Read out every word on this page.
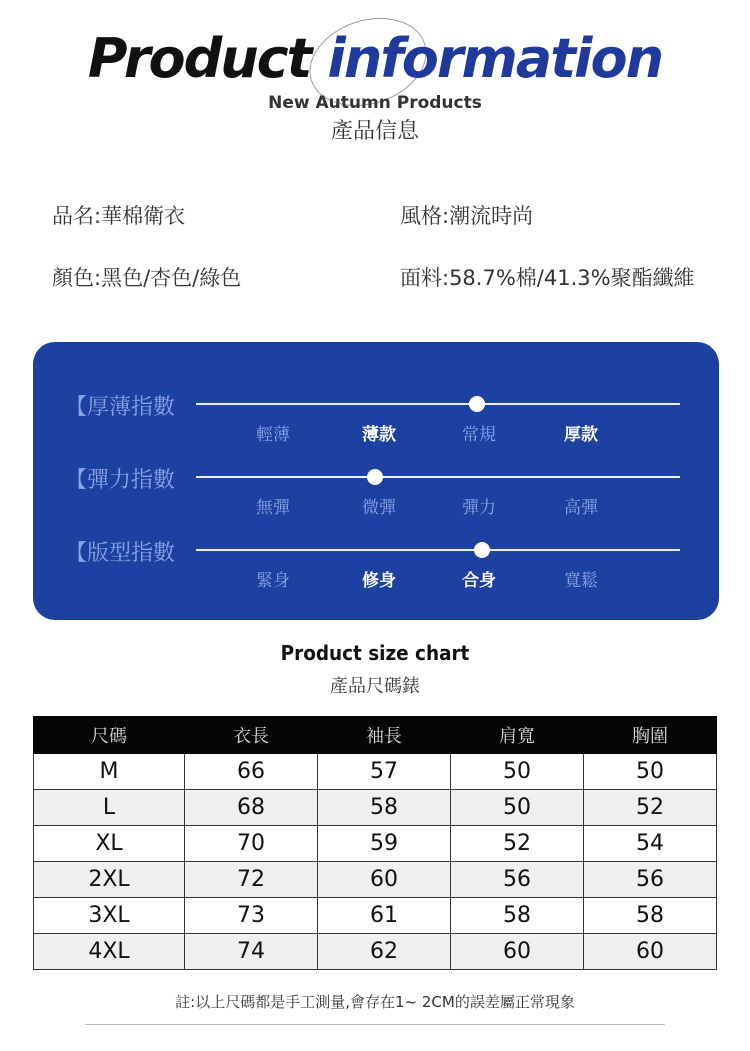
Product information
New Autumn Products
產品信息
品名:華棉衛衣	風格:潮流時尚
顏色:黑色/杏色/綠色	面料:58.7%棉/41.3%聚酯纖維
【厚薄指數
輕薄	薄款	常規	厚款
【彈力指數
無彈	微彈	彈力	高彈
【版型指數
緊身	修身	合身	寬鬆
Product size chart
產品尺碼錶
尺碼	衣長	袖長	肩寬	胸圍
M	66	57	50	50
L	68	58	50	52
XL	70	59	52	54
2XL	72	60	56	56
3XL	73	61	58	58
4XL	74	62	60	60
註:以上尺碼都是手工測量,會存在1~ 2CM的誤差屬正常現象
